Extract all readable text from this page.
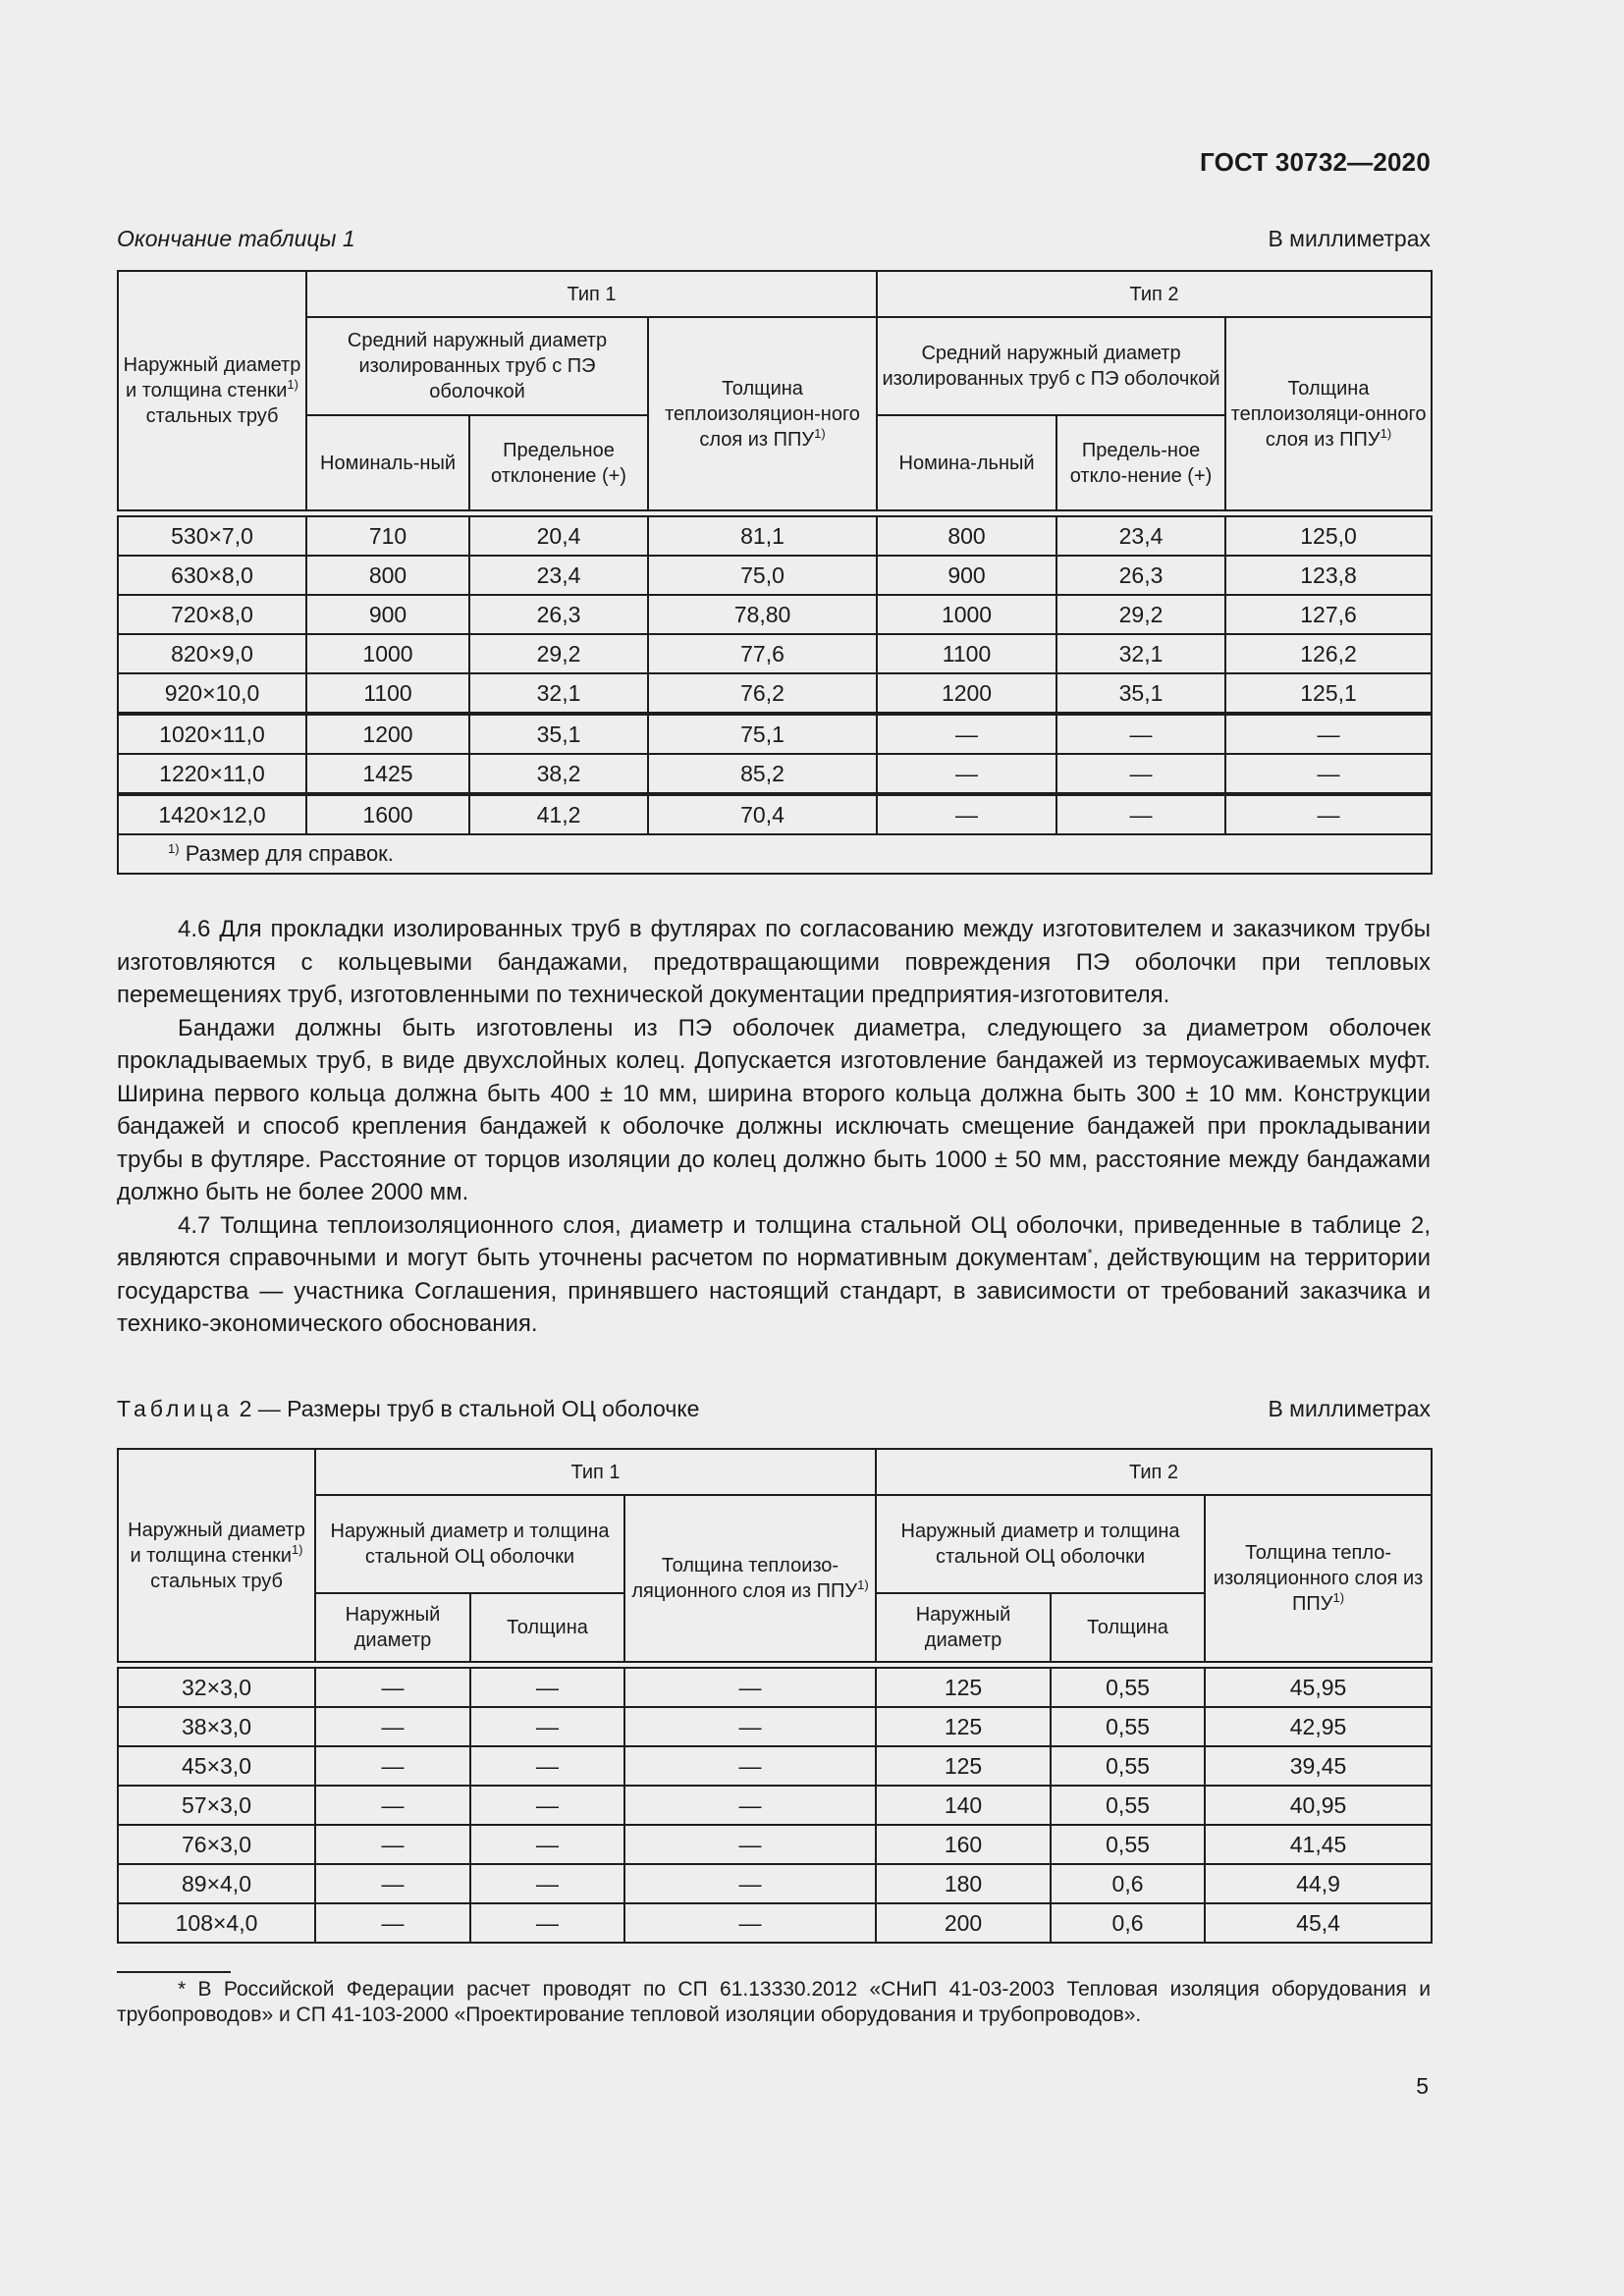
ГОСТ 30732—2020
Окончание таблицы 1	В миллиметрах
Наружный диаметр и толщина стенки$^{1)}$ стальных труб	Тип 1			Тип 2		
	Средний наружный диаметр изолированных труб с ПЭ оболочкой		Толщина теплоизоляцион-ного слоя из ППУ$^{1)}$	Средний наружный диаметр изолированных труб с ПЭ оболочкой		Толщина теплоизоляци-онного слоя из ППУ$^{1)}$
	Номиналь-ный	Предельное отклонение (+)		Номина-льный	Предель-ное откло-нение (+)	

530×7,0	710	20,4	81,1	800	23,4	125,0
630×8,0	800	23,4	75,0	900	26,3	123,8
720×8,0	900	26,3	78,80	1000	29,2	127,6
820×9,0	1000	29,2	77,6	1100	32,1	126,2
920×10,0	1100	32,1	76,2	1200	35,1	125,1
1020×11,0	1200	35,1	75,1	—	—	—
1220×11,0	1425	38,2	85,2	—	—	—
1420×12,0	1600	41,2	70,4	—	—	—
$^{1)}$ Размер для справок.						

4.6 Для прокладки изолированных труб в футлярах по согласованию между изготовителем и заказчиком трубы изготовляются с кольцевыми бандажами, предотвращающими повреждения ПЭ оболочки при тепловых перемещениях труб, изготовленными по технической документации предприятия-изготовителя.

Бандажи должны быть изготовлены из ПЭ оболочек диаметра, следующего за диаметром оболочек прокладываемых труб, в виде двухслойных колец. Допускается изготовление бандажей из термоусаживаемых муфт. Ширина первого кольца должна быть 400 ± 10 мм, ширина второго кольца должна быть 300 ± 10 мм. Конструкции бандажей и способ крепления бандажей к оболочке должны исключать смещение бандажей при прокладывании трубы в футляре. Расстояние от торцов изоляции до колец должно быть 1000 ± 50 мм, расстояние между бандажами должно быть не более 2000 мм.

4.7 Толщина теплоизоляционного слоя, диаметр и толщина стальной ОЦ оболочки, приведенные в таблице 2, являются справочными и могут быть уточнены расчетом по нормативным документам*, действующим на территории государства — участника Соглашения, принявшего настоящий стандарт, в зависимости от требований заказчика и технико-экономического обоснования.

Таблица 2 — Размеры труб в стальной ОЦ оболочке	В миллиметрах
Наружный диаметр и толщина стенки$^{1)}$ стальных труб	Тип 1			Тип 2		
	Наружный диаметр и толщина стальной ОЦ оболочки		Толщина теплоизо-ляционного слоя из ППУ$^{1)}$	Наружный диаметр и толщина стальной ОЦ оболочки		Толщина тепло-изоляционного слоя из ППУ$^{1)}$
	Наружный диаметр	Толщина		Наружный диаметр	Толщина	

32×3,0	—	—	—	125	0,55	45,95
38×3,0	—	—	—	125	0,55	42,95
45×3,0	—	—	—	125	0,55	39,45
57×3,0	—	—	—	140	0,55	40,95
76×3,0	—	—	—	160	0,55	41,45
89×4,0	—	—	—	180	0,6	44,9
108×4,0	—	—	—	200	0,6	45,4

* В Российской Федерации расчет проводят по СП 61.13330.2012 «СНиП 41-03-2003 Тепловая изоляция оборудования и трубопроводов» и СП 41-103-2000 «Проектирование тепловой изоляции оборудования и трубопроводов».

5
